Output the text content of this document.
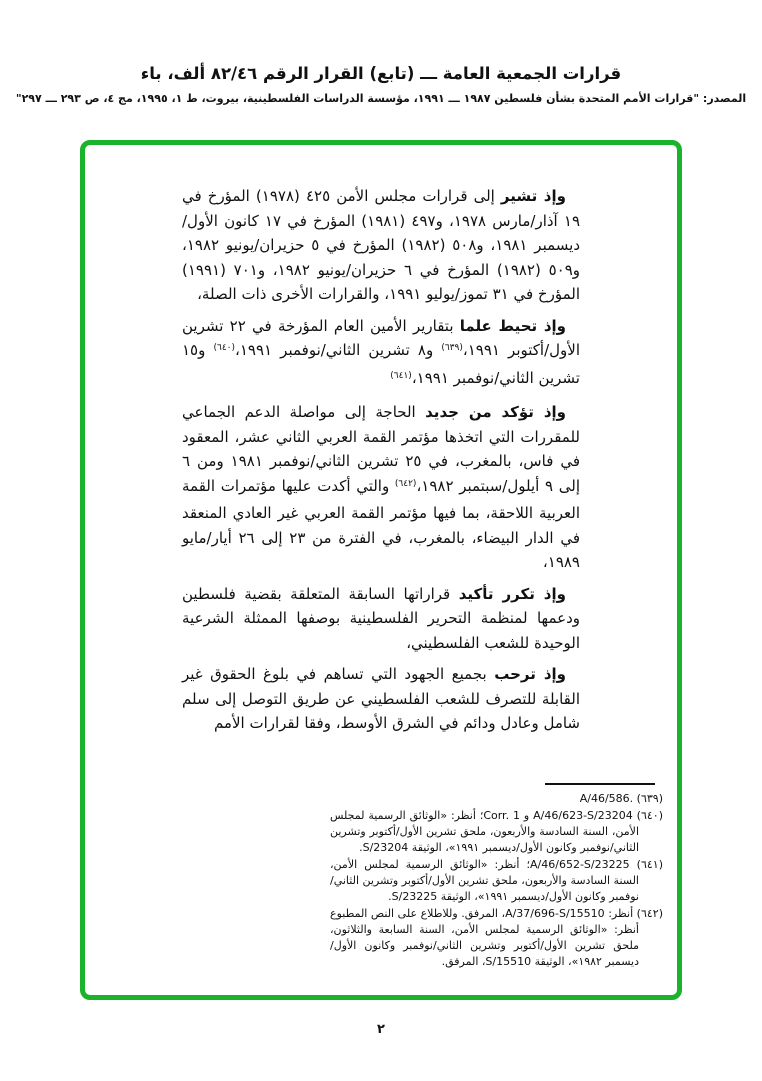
قرارات الجمعية العامة ـــ (تابع) القرار الرقم ٨٢/٤٦ ألف، باء
المصدر: "قرارات الأمم المتحدة بشأن فلسطين ١٩٨٧ ـــ ١٩٩١، مؤسسة الدراسات الفلسطينية، بيروت، ط ١، ١٩٩٥، مج ٤، ص ٢٩٣ ـــ ٢٩٧"

وإذ تشير إلى قرارات مجلس الأمن ٤٢٥ (١٩٧٨) المؤرخ في ١٩ آذار/مارس ١٩٧٨، و٤٩٧ (١٩٨١) المؤرخ في ١٧ كانون الأول/ديسمبر ١٩٨١، و٥٠٨ (١٩٨٢) المؤرخ في ٥ حزيران/يونيو ١٩٨٢، و٥٠٩ (١٩٨٢) المؤرخ في ٦ حزيران/يونيو ١٩٨٢، و٧٠١ (١٩٩١) المؤرخ في ٣١ تموز/يوليو ١٩٩١، والقرارات الأخرى ذات الصلة،

وإذ تحيط علما بتقارير الأمين العام المؤرخة في ٢٢ تشرين الأول/أكتوبر ١٩٩١،$^{(٦٣٩)}$ و٨ تشرين الثاني/نوفمبر ١٩٩١،$^{(٦٤٠)}$ و١٥ تشرين الثاني/نوفمبر ١٩٩١،$^{(٦٤١)}$

وإذ تؤكد من جديد الحاجة إلى مواصلة الدعم الجماعي للمقررات التي اتخذها مؤتمر القمة العربي الثاني عشر، المعقود في فاس، بالمغرب، في ٢٥ تشرين الثاني/نوفمبر ١٩٨١ ومن ٦ إلى ٩ أيلول/سبتمبر ١٩٨٢،$^{(٦٤٢)}$ والتي أكدت عليها مؤتمرات القمة العربية اللاحقة، بما فيها مؤتمر القمة العربي غير العادي المنعقد في الدار البيضاء، بالمغرب، في الفترة من ٢٣ إلى ٢٦ أيار/مايو ١٩٨٩،

وإذ تكرر تأكيد قراراتها السابقة المتعلقة بقضية فلسطين ودعمها لمنظمة التحرير الفلسطينية بوصفها الممثلة الشرعية الوحيدة للشعب الفلسطيني،

وإذ ترحب بجميع الجهود التي تساهم في بلوغ الحقوق غير القابلة للتصرف للشعب الفلسطيني عن طريق التوصل إلى سلم شامل وعادل ودائم في الشرق الأوسط، وفقا لقرارات الأمم

(٦٣٩) A/46/586.

(٦٤٠) A/46/623-S/23204 و Corr. 1؛ أنظر: «الوثائق الرسمية لمجلس الأمن، السنة السادسة والأربعون، ملحق تشرين الأول/أكتوبر وتشرين الثاني/نوفمبر وكانون الأول/ديسمبر ١٩٩١»، الوثيقة S/23204.

(٦٤١) A/46/652-S/23225؛ أنظر: «الوثائق الرسمية لمجلس الأمن، السنة السادسة والأربعون، ملحق تشرين الأول/أكتوبر وتشرين الثاني/نوفمبر وكانون الأول/ديسمبر ١٩٩١»، الوثيقة S/23225.

(٦٤٢) أنظر: A/37/696-S/15510، المرفق. وللاطلاع على النص المطبوع أنظر: «الوثائق الرسمية لمجلس الأمن، السنة السابعة والثلاثون، ملحق تشرين الأول/أكتوبر وتشرين الثاني/نوفمبر وكانون الأول/ديسمبر ١٩٨٢»، الوثيقة S/15510، المرفق.

٢
